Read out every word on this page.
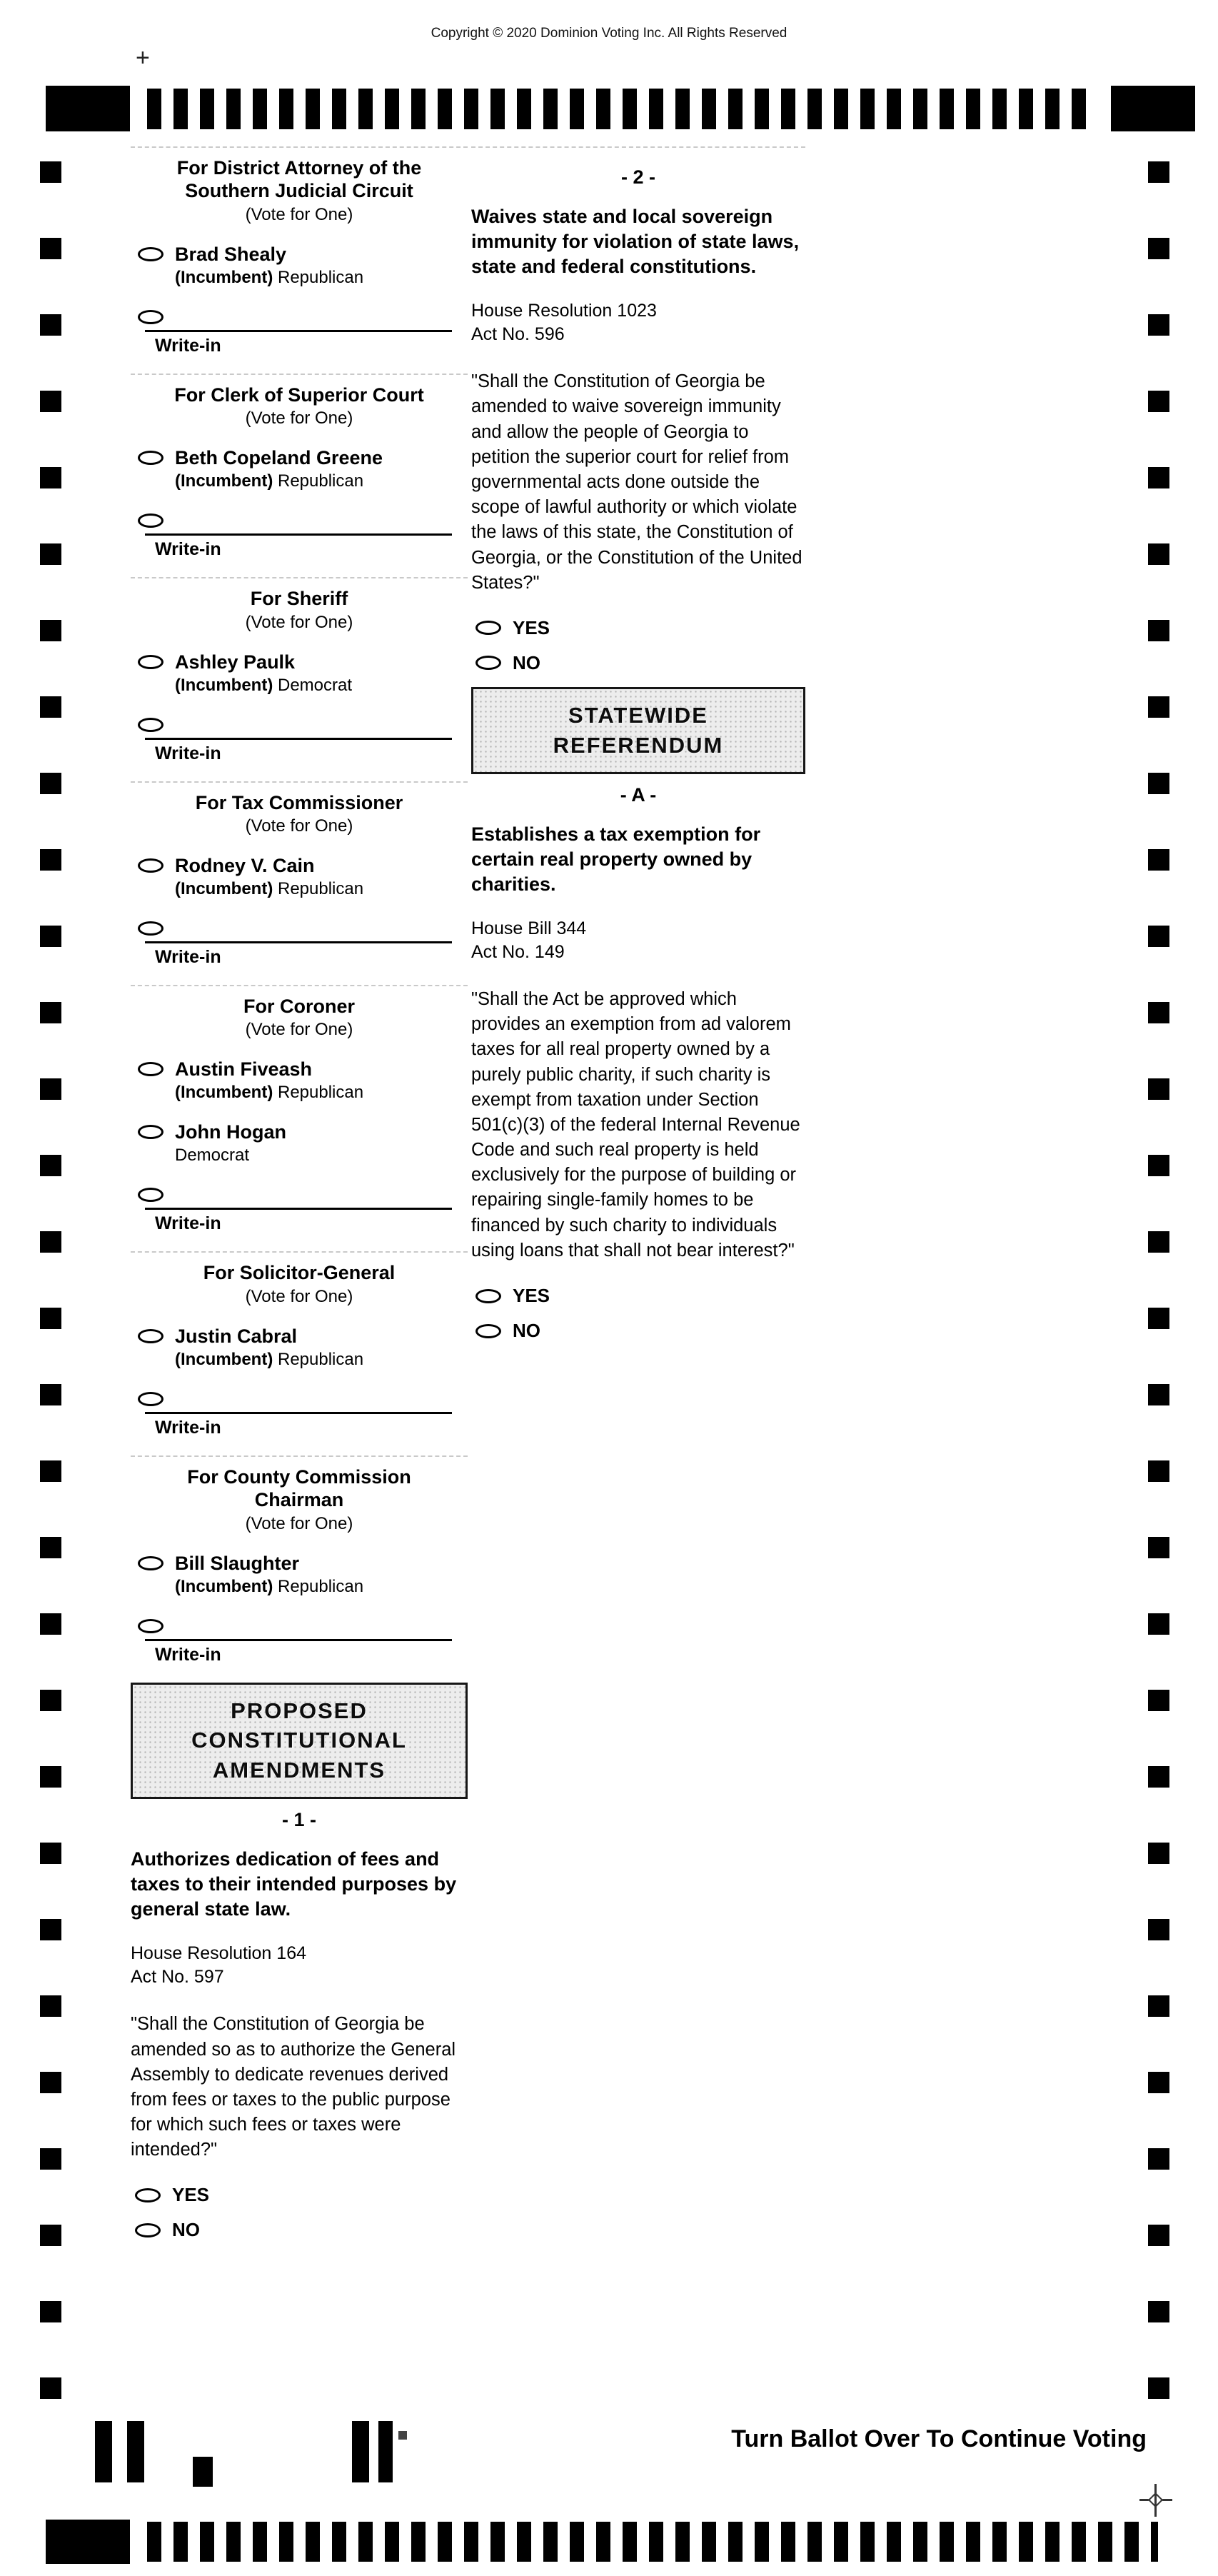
Copyright © 2020 Dominion Voting Inc. All Rights Reserved
+
For District Attorney of the
Southern Judicial Circuit
(Vote for One)
Brad Shealy
(Incumbent) Republican
Write-in
For Clerk of Superior Court
(Vote for One)
Beth Copeland Greene
(Incumbent) Republican
Write-in
For Sheriff
(Vote for One)
Ashley Paulk
(Incumbent) Democrat
Write-in
For Tax Commissioner
(Vote for One)
Rodney V. Cain
(Incumbent) Republican
Write-in
For Coroner
(Vote for One)
Austin Fiveash
(Incumbent) Republican
John Hogan
Democrat
Write-in
For Solicitor-General
(Vote for One)
Justin Cabral
(Incumbent) Republican
Write-in
For County Commission
Chairman
(Vote for One)
Bill Slaughter
(Incumbent) Republican
Write-in
PROPOSED
CONSTITUTIONAL
AMENDMENTS
- 1 -

Authorizes dedication of fees and taxes to their intended purposes by general state law.

House Resolution 164
Act No. 597

"Shall the Constitution of Georgia be amended so as to authorize the General Assembly to dedicate revenues derived from fees or taxes to the public purpose for which such fees or taxes were intended?"

YES
NO
- 2 -

Waives state and local sovereign immunity for violation of state laws, state and federal constitutions.

House Resolution 1023
Act No. 596

"Shall the Constitution of Georgia be amended to waive sovereign immunity and allow the people of Georgia to petition the superior court for relief from governmental acts done outside the scope of lawful authority or which violate the laws of this state, the Constitution of Georgia, or the Constitution of the United States?"

YES
NO
STATEWIDE
REFERENDUM
- A -

Establishes a tax exemption for certain real property owned by charities.

House Bill 344
Act No. 149

"Shall the Act be approved which provides an exemption from ad valorem taxes for all real property owned by a purely public charity, if such charity is exempt from taxation under Section 501(c)(3) of the federal Internal Revenue Code and such real property is held exclusively for the purpose of building or repairing single-family homes to be financed by such charity to individuals using loans that shall not bear interest?"

YES
NO
Turn Ballot Over To Continue Voting
